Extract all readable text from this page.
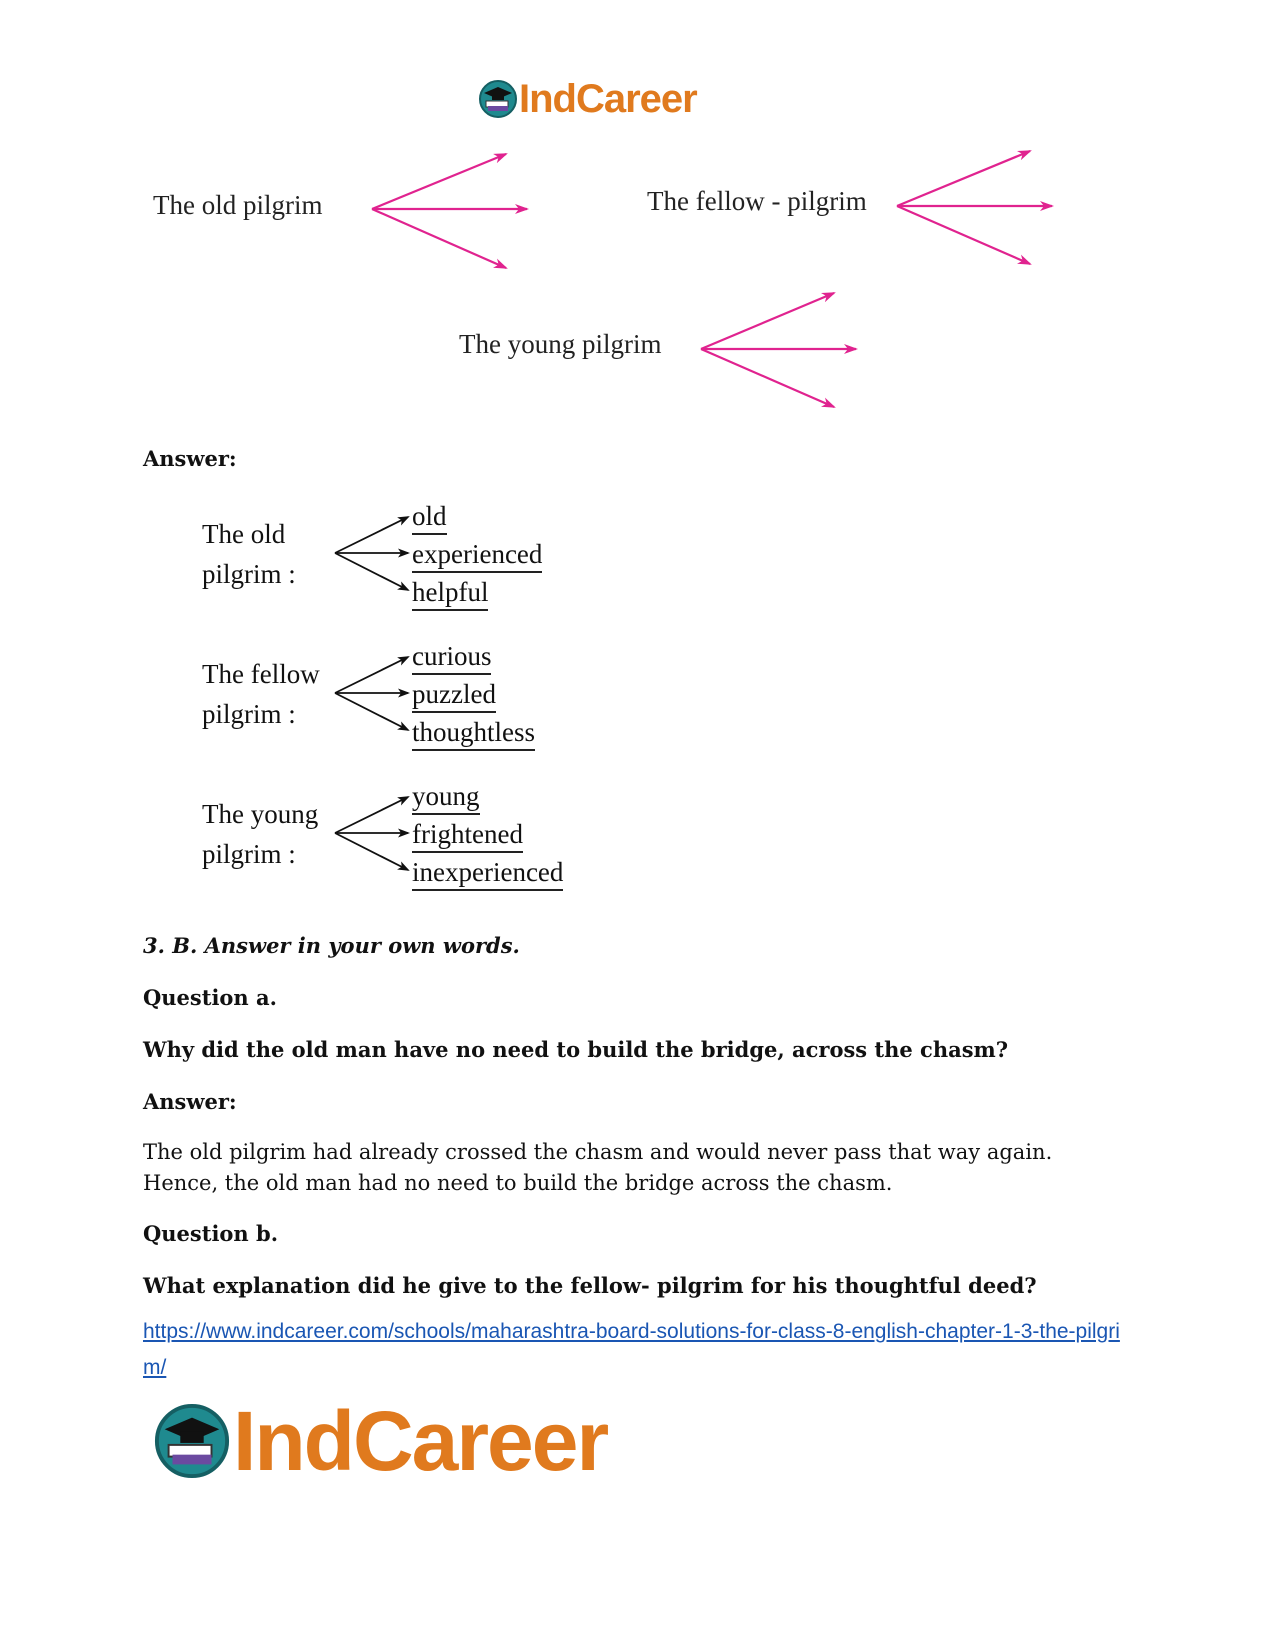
IndCareer
The old pilgrim	The fellow - pilgrim
The young pilgrim
Answer:
The old
pilgrim :
old
experienced
helpful
The fellow
pilgrim :
curious
puzzled
thoughtless
The young
pilgrim :
young
frightened
inexperienced
3. B. Answer in your own words.
Question a.
Why did the old man have no need to build the bridge, across the chasm?
Answer:
The old pilgrim had already crossed the chasm and would never pass that way again. Hence, the old man had no need to build the bridge across the chasm.
Question b.
What explanation did he give to the fellow- pilgrim for his thoughtful deed?
https://www.indcareer.com/schools/maharashtra-board-solutions-for-class-8-english-chapter-1-3-the-pilgrim/
IndCareer
